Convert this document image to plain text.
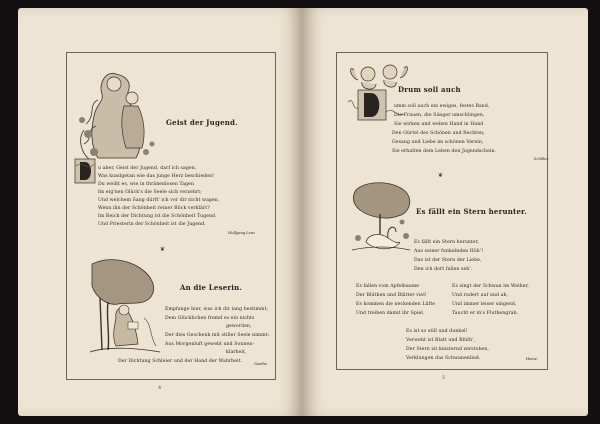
Geist der Jugend.
u aber, Geist der Jugend, darf ich sagen,
Was kundgetan wie das junge Herz beschieden!
Du weißt es, wie in thränenlosen Tagen
Im eig'nen Glück's die Seele sich verzehrt;
Und welchem Sang dürft' ich vor dir nicht wagen,
Wenn ihn der Schönheit reiner Blick verklärt?
Im Reich der Dichtung ist die Schönheit Tugend,
Und Priesterin der Schönheit ist die Jugend.
Wolfgang Lenz
❦
An die Leserin.
Empfange hier, was ich dir lang bestimmt;
Dem Glücklichen fremd es ein nichts
geworden,
Der dies Geschenk mit stiller Seele nimmt:
Aus Morgenluft gewebt und Sonnen-
klarheit,
Der Dichtung Schleier und der Hand der Wahrheit.	Goethe.
4
Drum soll auch
umm soll auch ein ewiges, festes Band,
Die Frauen, die Sänger umschlingen,
Sie wirken und weben Hand in Hand
Den Gürtel des Schönen und Rechten;
Gesang und Liebe im schönen Verein,
Sie erhalten dem Leben den Jugendschein.
Schiller.
❦
Es fällt ein Stern herunter.
Es fällt ein Stern herunter,
Aus seiner funkelnden Höh'!
Das ist der Stern der Liebe,
Den ich dort fallen seh'.
Es fallen vom Apfelbaume
Der Blüthen und Blätter viel!
Es kommen die neckenden Lüfte
Und treiben damit ihr Spiel.
Es singt der Schwan im Weiher,
Und rudert auf und ab,
Und immer leiser singend,
Taucht er in's Fluthengrab.
Es ist so still und dunkel!
Verweht ist Blatt und Blüth',
Der Stern ist knisternd zerstoben,
Verklungen das Schwanenlied.	Heine.
5
